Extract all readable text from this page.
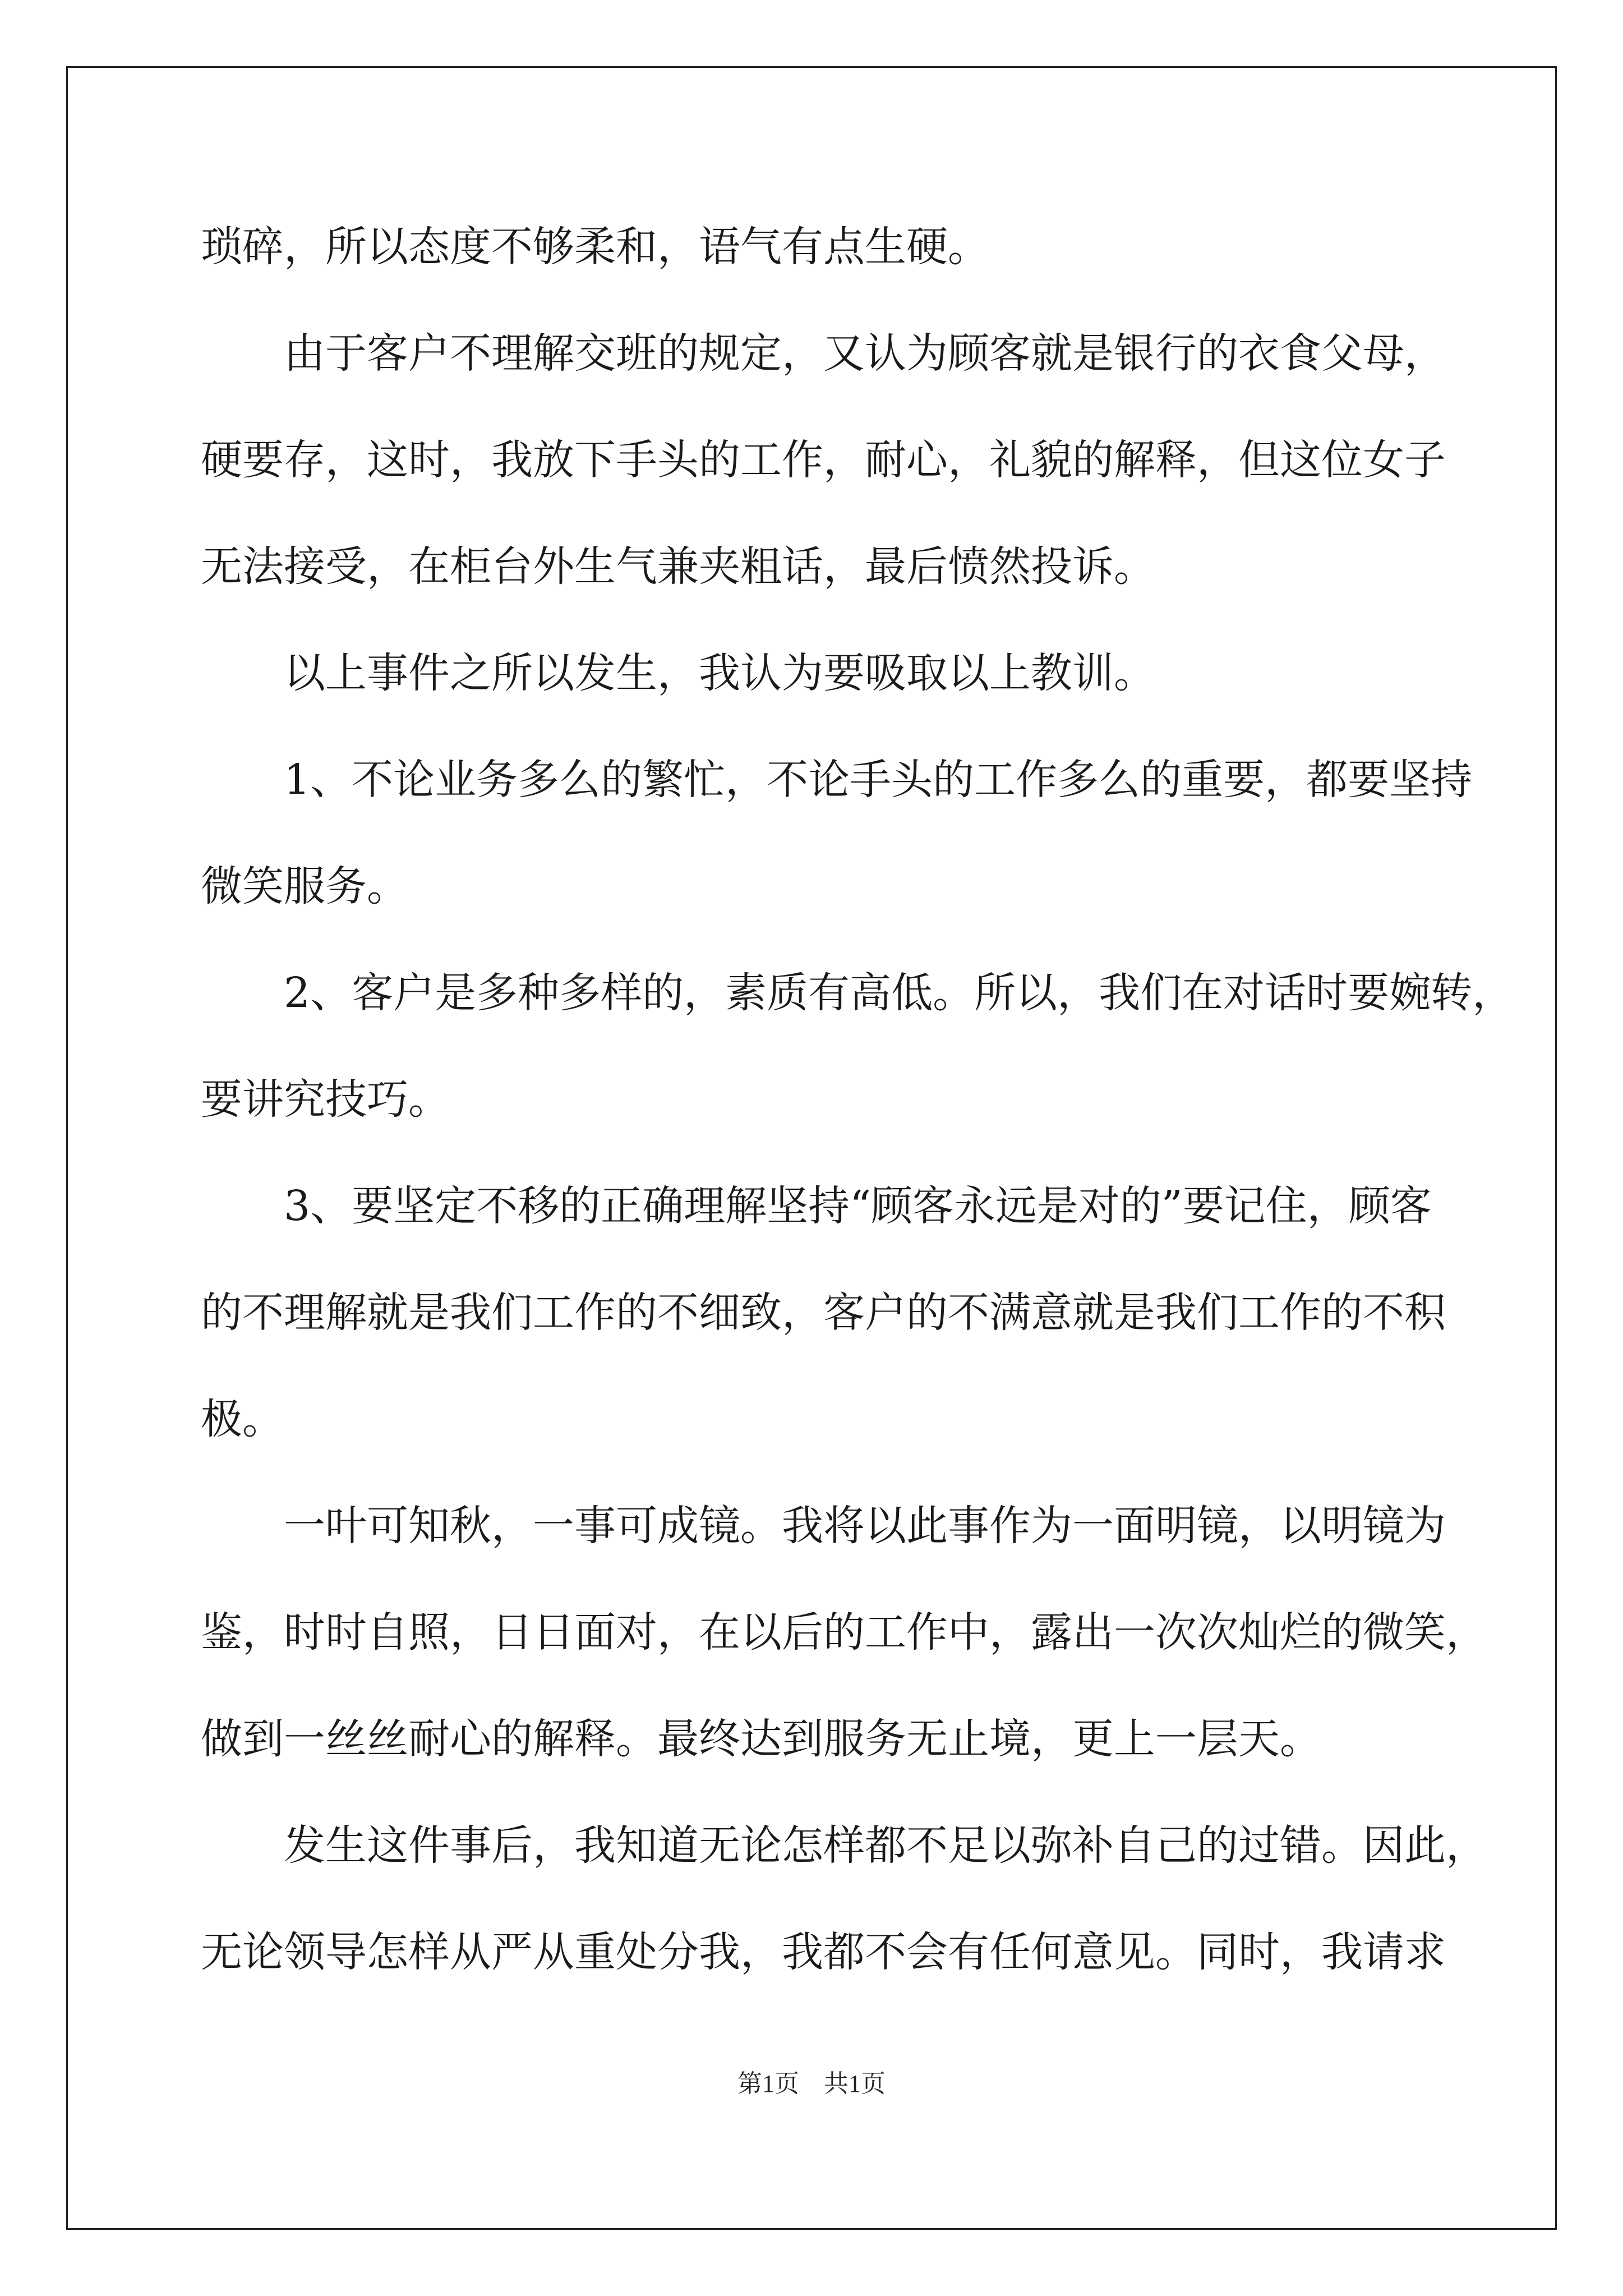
琐碎，所以态度不够柔和，语气有点生硬。
由于客户不理解交班的规定，又认为顾客就是银行的衣食父母，
硬要存，这时，我放下手头的工作，耐心，礼貌的解释，但这位女子
无法接受，在柜台外生气兼夹粗话，最后愤然投诉。
以上事件之所以发生，我认为要吸取以上教训。
1、不论业务多么的繁忙，不论手头的工作多么的重要，都要坚持
微笑服务。
2、客户是多种多样的，素质有高低。所以，我们在对话时要婉转，
要讲究技巧。
3、要坚定不移的正确理解坚持“顾客永远是对的”要记住，顾客
的不理解就是我们工作的不细致，客户的不满意就是我们工作的不积
极。
一叶可知秋，一事可成镜。我将以此事作为一面明镜，以明镜为
鉴，时时自照，日日面对，在以后的工作中，露出一次次灿烂的微笑，
做到一丝丝耐心的解释。最终达到服务无止境，更上一层天。
发生这件事后，我知道无论怎样都不足以弥补自己的过错。因此，
无论领导怎样从严从重处分我，我都不会有任何意见。同时，我请求
第1页　共1页
